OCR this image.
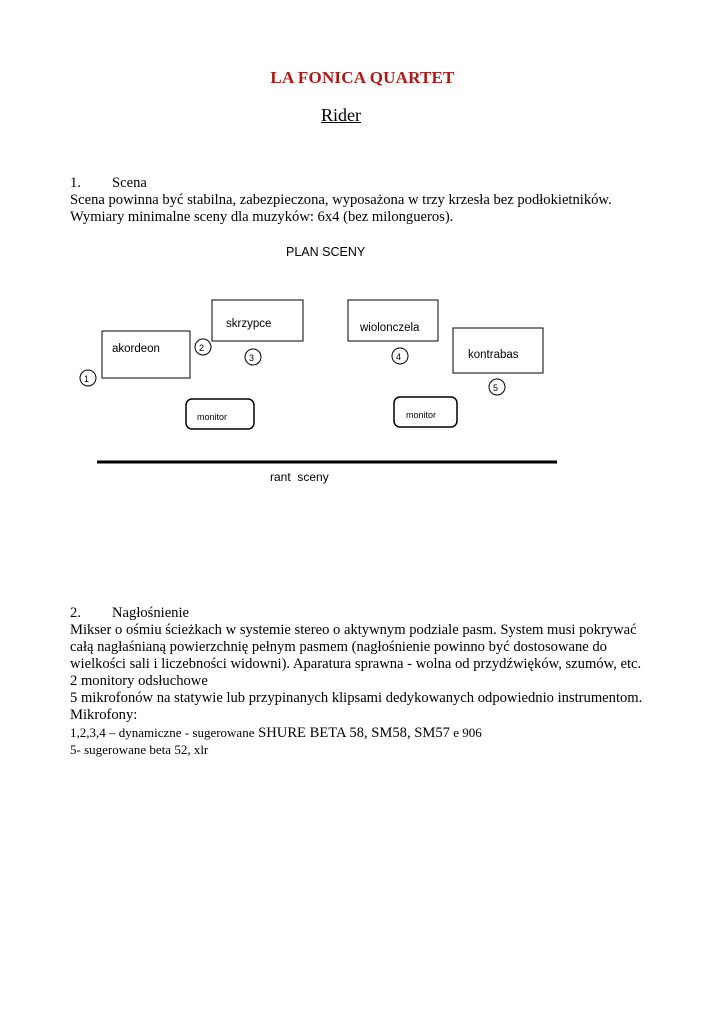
LA FONICA QUARTET
Rider
1. Scena
Scena powinna być stabilna, zabezpieczona, wyposażona w trzy krzesła bez podłokietników.
Wymiary minimalne sceny dla muzyków: 6x4 (bez milongueros).
PLAN SCENY
akordeon
skrzypce	wiolonczela
kontrabas
monitor	monitor
1
2
3	4
5
rant  sceny
2. Nagłośnienie
Mikser o ośmiu ścieżkach w systemie stereo o aktywnym podziale pasm. System musi pokrywać
całą nagłaśnianą powierzchnię pełnym pasmem (nagłośnienie powinno być dostosowane do
wielkości sali i liczebności widowni). Aparatura sprawna - wolna od przydźwięków, szumów, etc.
2 monitory odsłuchowe
5 mikrofonów na statywie lub przypinanych klipsami dedykowanych odpowiednio instrumentom.
Mikrofony:
1,2,3,4 – dynamiczne - sugerowane SHURE BETA 58, SM58, SM57 e 906
5- sugerowane beta 52, xlr
